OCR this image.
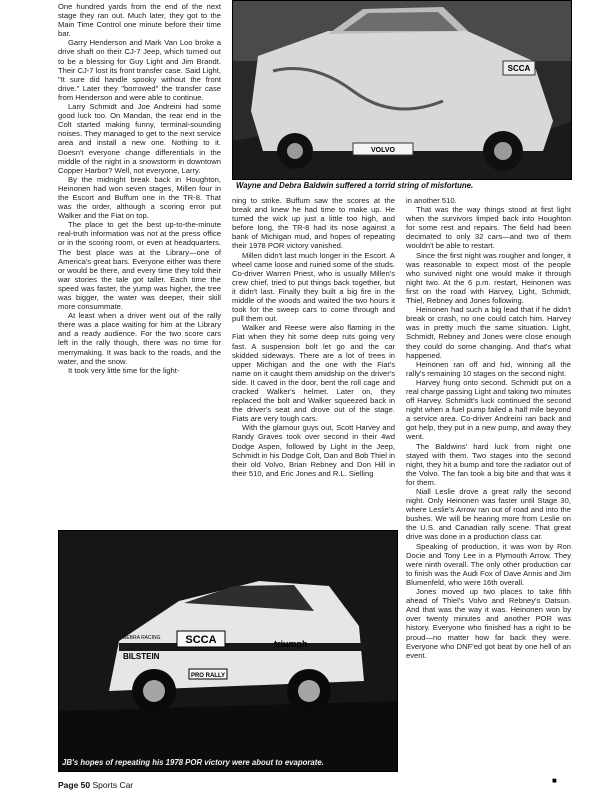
SCCA
VOLVO
Wayne and Debra Baldwin suffered a torrid string of misfortune.

One hundred yards from the end of the next stage they ran out. Much later, they got to the Main Time Control one minute before their time bar.

Garry Henderson and Mark Van Loo broke a drive shaft on their CJ-7 Jeep, which turned out to be a blessing for Guy Light and Jim Brandt. Their CJ-7 lost its front transfer case. Said Light, "It sure did handle spooky without the front drive." Later they "borrowed" the transfer case from Henderson and were able to continue.

Larry Schmidt and Joe Andreini had some good luck too. On Mandan, the rear end in the Colt started making funny, terminal-sounding noises. They managed to get to the next service area and install a new one. Nothing to it. Doesn't everyone change differentials in the middle of the night in a snowstorm in downtown Copper Harbor? Well, not everyone, Larry.

By the midnight break back in Houghton, Heinonen had won seven stages, Millen four in the Escort and Buffum one in the TR-8. That was the order, although a scoring error put Walker and the Fiat on top.

The place to get the best up-to-the-minute real-truth information was not at the press office or in the scoring room, or even at headquarters. The best place was at the Library—one of America's great bars. Everyone either was there or would be there, and every time they told their war stories the tale got taller. Each time the speed was faster, the yump was higher, the tree was bigger, the water was deeper, their skill more consummate.

At least when a driver went out of the rally there was a place waiting for him at the Library and a ready audience. For the two score cars left in the rally though, there was no time for merrymaking. It was back to the roads, and the water, and the snow.

It took very little time for the light-

ning to strike. Buffum saw the scores at the break and knew he had time to make up. He turned the wick up just a little too high, and before long, the TR-8 had its nose against a bank of Michigan mud, and hopes of repeating their 1978 POR victory vanished.

Millen didn't last much longer in the Escort. A wheel came loose and ruined some of the studs. Co-driver Warren Priest, who is usually Millen's crew chief, tried to put things back together, but it didn't last. Finally they built a big fire in the middle of the woods and waited the two hours it took for the sweep cars to come through and pull them out.

Walker and Reese were also flaming in the Fiat when they hit some deep ruts going very fast. A suspension bolt let go and the car skidded sideways. There are a lot of trees in upper Michigan and the one with the Fiat's name on it caught them amidship on the driver's side. It caved in the door, bent the roll cage and cracked Walker's helmet. Later on, they replaced the bolt and Walker squeezed back in the driver's seat and drove out of the stage. Fiats are very tough cars.

With the glamour guys out, Scott Harvey and Randy Graves took over second in their 4wd Dodge Aspen, followed by Light in the Jeep, Schmidt in his Dodge Colt, Dan and Bob Thiel in their old Volvo, Brian Rebney and Don Hill in their 510, and Eric Jones and R.L. Sielling

in another 510.

That was the way things stood at first light when the survivors limped back into Houghton for some rest and repairs. The field had been decimated to only 32 cars—and two of them wouldn't be able to restart.

Since the first night was rougher and longer, it was reasonable to expect most of the people who survived night one would make it through night two. At the 6 p.m. restart, Heinonen was first on the road with Harvey, Light, Schmidt, Thiel, Rebney and Jones following.

Heinonen had such a big lead that if he didn't break or crash, no one could catch him. Harvey was in pretty much the same situation. Light, Schmidt, Rebney and Jones were close enough they could do some changing. And that's what happened.

Heinonen ran off and hid, winning all the rally's remaining 10 stages on the second night.

Harvey hung onto second. Schmidt put on a real charge passing Light and taking two minutes off Harvey. Schmidt's luck continued the second night when a fuel pump failed a half mile beyond a service area. Co-driver Andreini ran back and got help, they put in a new pump, and away they went.

The Baldwins' hard luck from night one stayed with them. Two stages into the second night, they hit a bump and tore the radiator out of the Volvo. The fan took a big bite and that was it for them.

Niall Leslie drove a great rally the second night. Only Heinonen was faster until Stage 30, where Leslie's Arrow ran out of road and into the bushes. We will be hearing more from Leslie on the U.S. and Canadian rally scene. That great drive was done in a production class car.

Speaking of production, it was won by Ron Docie and Tony Lee in a Plymouth Arrow. They were ninth overall. The only other production car to finish was the Audi Fox of Dave Annis and Jim Blumenfeld, who were 16th overall.

Jones moved up two places to take fifth ahead of Thiel's Volvo and Rebney's Datsun. And that was the way it was. Heinonen won by over twenty minutes and another POR was history. Everyone who finished has a right to be proud—no matter how far back they were. Everyone who DNF'ed got beat by one hell of an event.

SCCA	triumph
BILSTEIN
SEBRA RACING
PRO RALLY
JB's hopes of repeating his 1978 POR victory were about to evaporate.
Page 50 Sports Car	■
